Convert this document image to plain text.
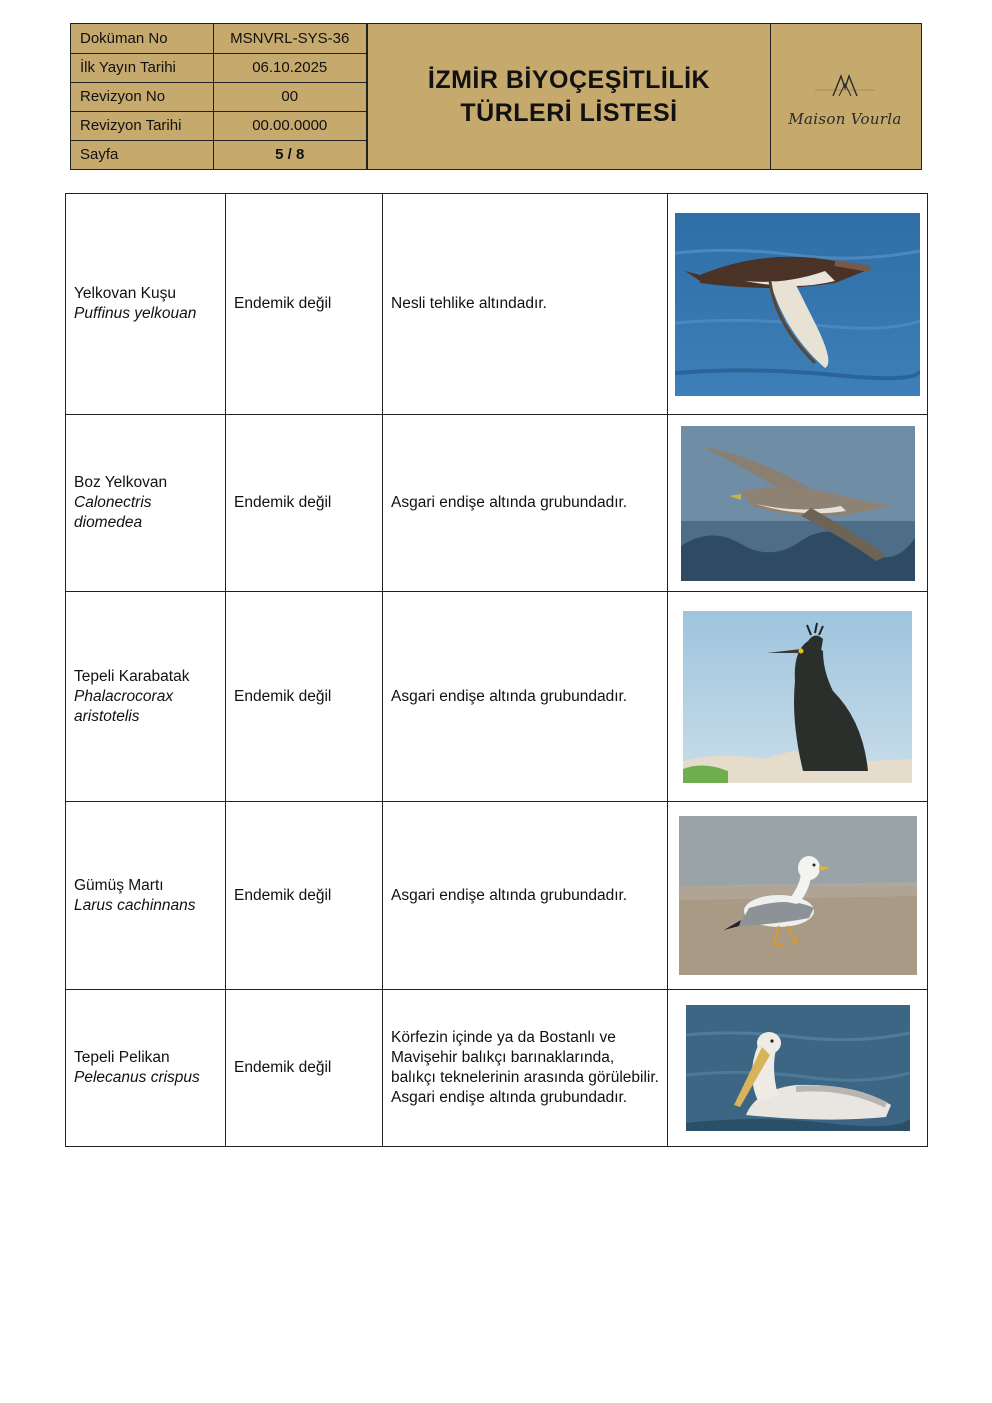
Doküman No	MSNVRL-SYS-36
İlk Yayın Tarihi	06.10.2025
Revizyon No	00
Revizyon Tarihi	00.00.0000
Sayfa	5 / 8
İZMİR BİYOÇEŞİTLİLİK
TÜRLERİ LİSTESİ	Maison Vourla
Yelkovan Kuşu
Puffinus yelkouan	Endemik değil	Nesli tehlike altındadır.	

Boz Yelkovan
Calonectris diomedea	Endemik değil	Asgari endişe altında grubundadır.	

Tepeli Karabatak
Phalacrocorax aristotelis	Endemik değil	Asgari endişe altında grubundadır.	

Gümüş Martı
Larus cachinnans	Endemik değil	Asgari endişe altında grubundadır.	

Tepeli Pelikan
Pelecanus crispus	Endemik değil	Körfezin içinde ya da Bostanlı ve Mavişehir balıkçı barınaklarında, balıkçı teknelerinin arasında görülebilir. Asgari endişe altında grubundadır.	
